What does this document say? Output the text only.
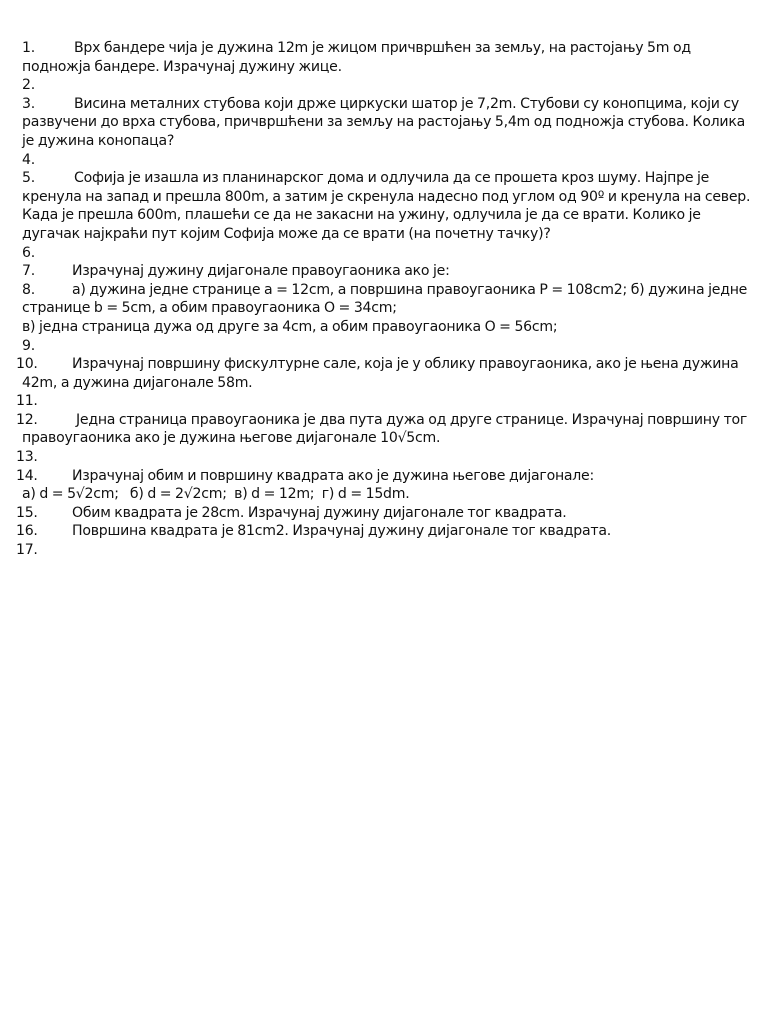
1.	Врх бандере чија је дужина 12m је жицом причвршћен за земљу, на растојању 5m од
подножја бандере. Израчунај дужину жице.
2.
3.	Висина металних стубова који држе циркуски шатор је 7,2m. Стубови су конопцима, који су
развучени до врха стубова, причвршћени за земљу на растојању 5,4m од подножја стубова. Колика
је дужина конопаца?
4.
5.	Софија је изашла из планинарског дома и одлучила да се прошета кроз шуму. Најпре је
кренула на запад и прешла 800m, а затим је скренула надесно под углом од 90º и кренула на север.
Када је прешла 600m, плашећи се да не закасни на ужину, одлучила је да се врати. Колико је
дугачак најкраћи пут којим Софија може да се врати (на почетну тачку)?
6.
7.	Израчунај дужину дијагонале правоугаоника ако је:
8.	а) дужина једне странице a = 12cm, а површина правоугаоника P = 108cm2; б) дужина једне
странице b = 5cm, а обим правоугаоника O = 34cm;
в) једна страница дужа од друге за 4cm, а обим правоугаоника O = 56cm;
9.
10. Израчунај површину фискултурне сале, која је у облику правоугаоника, ако је њена дужина
42m, а дужина дијагонале 58m.
11.
12.	Једна страница правоугаоника је два пута дужа од друге странице. Израчунај површину тог
правоугаоника ако је дужина његове дијагонале 10√5cm.
13.
14. Израчунај обим и површину квадрата ако је дужина његове дијагонале:
а) d = 5√2cm;   б) d = 2√2cm;  в) d = 12m;  г) d = 15dm.
15. Обим квадрата је 28cm. Израчунај дужину дијагонале тог квадрата.
16. Површина квадрата је 81cm2. Израчунај дужину дијагонале тог квадрата.
17.
